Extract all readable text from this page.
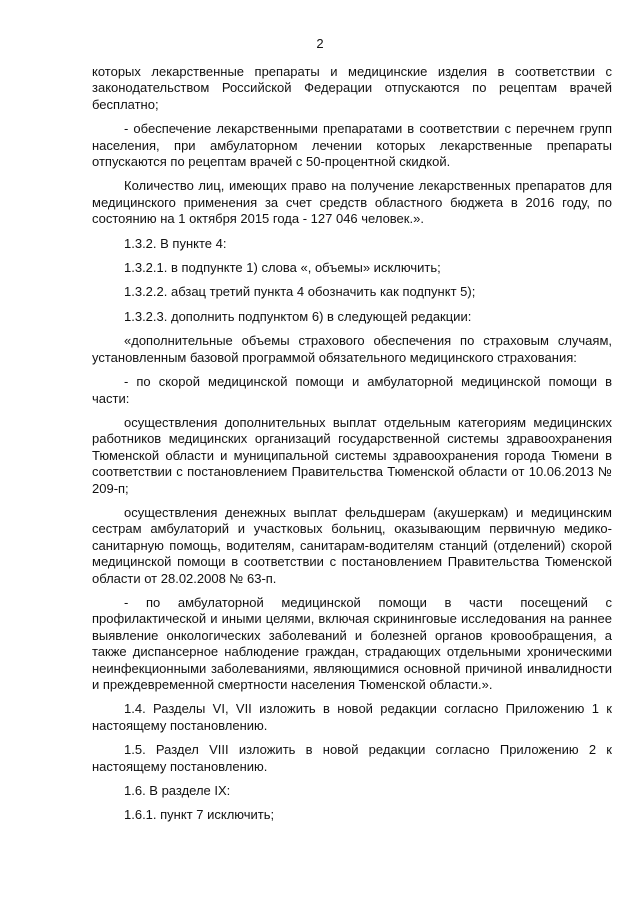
2

которых лекарственные препараты и медицинские изделия в соответствии с законодательством Российской Федерации отпускаются по рецептам врачей бесплатно;

- обеспечение лекарственными препаратами в соответствии с перечнем групп населения, при амбулаторном лечении которых лекарственные препараты отпускаются по рецептам врачей с 50-процентной скидкой.

Количество лиц, имеющих право на получение лекарственных препаратов для медицинского применения за счет средств областного бюджета в 2016 году, по состоянию на 1 октября 2015 года - 127 046 человек.».

1.3.2. В пункте 4:

1.3.2.1. в подпункте 1) слова «, объемы» исключить;

1.3.2.2. абзац третий пункта 4 обозначить как подпункт 5);

1.3.2.3. дополнить подпунктом 6) в следующей редакции:

«дополнительные объемы страхового обеспечения по страховым случаям, установленным базовой программой обязательного медицинского страхования:

- по скорой медицинской помощи и амбулаторной медицинской помощи в части:

осуществления дополнительных выплат отдельным категориям медицинских работников медицинских организаций государственной системы здравоохранения Тюменской области и муниципальной системы здравоохранения города Тюмени в соответствии с постановлением Правительства Тюменской области от 10.06.2013 № 209-п;

осуществления денежных выплат фельдшерам (акушеркам) и медицинским сестрам амбулаторий и участковых больниц, оказывающим первичную медико-санитарную помощь, водителям, санитарам-водителям станций (отделений) скорой медицинской помощи в соответствии с постановлением Правительства Тюменской области от 28.02.2008 № 63-п.

- по амбулаторной медицинской помощи в части посещений с профилактической и иными целями, включая скрининговые исследования на раннее выявление онкологических заболеваний и болезней органов кровообращения, а также диспансерное наблюдение граждан, страдающих отдельными хроническими неинфекционными заболеваниями, являющимися основной причиной инвалидности и преждевременной смертности населения Тюменской области.».

1.4. Разделы VI, VII изложить в новой редакции согласно Приложению 1 к настоящему постановлению.

1.5. Раздел VIII изложить в новой редакции согласно Приложению 2 к настоящему постановлению.

1.6. В разделе IX:

1.6.1. пункт 7 исключить;
